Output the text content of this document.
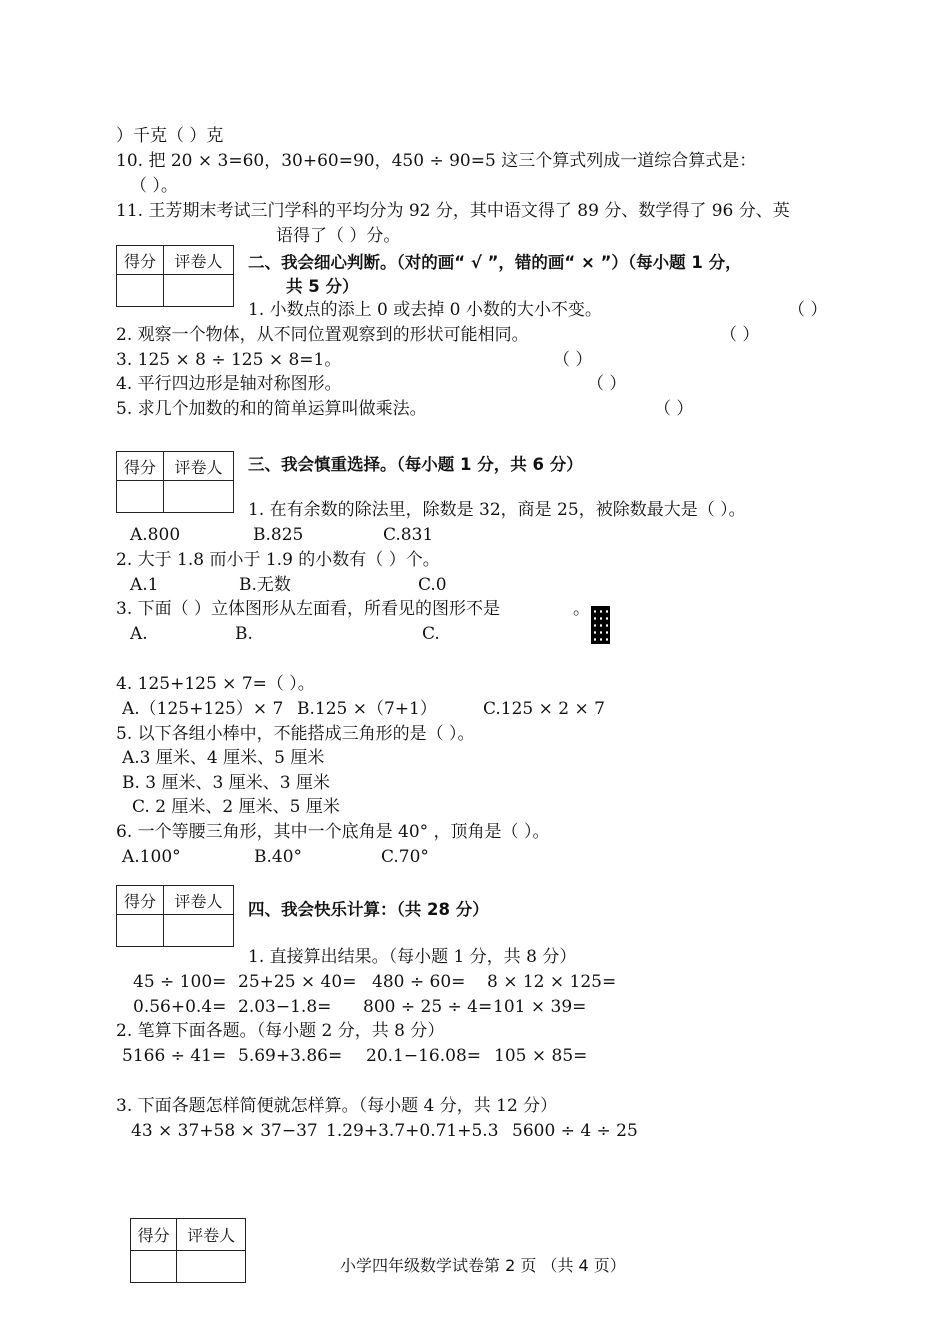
）千克（ ）克
10. 把 20 × 3=60，30+60=90，450 ÷ 90=5 这三个算式列成一道综合算式是：
（ ）。
11. 王芳期末考试三门学科的平均分为 92 分，其中语文得了 89 分、数学得了 96 分、英
语得了（ ）分。
得分	评卷人
	二、我会细心判断。（对的画“ √ ”，错的画“ × ”）（每小题 1 分，
共 5 分）
1. 小数点的添上 0 或去掉 0 小数的大小不变。	（ ）
2. 观察一个物体，从不同位置观察到的形状可能相同。	（ ）
3. 125 × 8 ÷ 125 × 8=1。	（ ）
4. 平行四边形是轴对称图形。	（ ）
5. 求几个加数的和的简单运算叫做乘法。	（ ）
得分	评卷人
	三、我会慎重选择。（每小题 1 分，共 6 分）
1. 在有余数的除法里，除数是 32，商是 25，被除数最大是（ ）。
A.800	B.825	C.831
2. 大于 1.8 而小于 1.9 的小数有（ ）个。
A.1	B.无数	C.0
3. 下面（ ）立体图形从左面看，所看见的图形不是	。
A.	B.	C.
4. 125+125 × 7=（ ）。
A.（125+125）× 7 B.125 ×（7+1）	C.125 × 2 × 7
5. 以下各组小棒中，不能搭成三角形的是（ ）。
A.3 厘米、4 厘米、5 厘米
B. 3 厘米、3 厘米、3 厘米
C. 2 厘米、2 厘米、5 厘米
6. 一个等腰三角形，其中一个底角是 40° ，顶角是（ ）。
A.100°	B.40°	C.70°
得分	评卷人
	四、我会快乐计算：（共 28 分）
1. 直接算出结果。（每小题 1 分，共 8 分）
45 ÷ 100= 25+25 × 40= 480 ÷ 60= 8 × 12 × 125=
0.56+0.4= 2.03−1.8= 800 ÷ 25 ÷ 4= 101 × 39=
2. 笔算下面各题。（每小题 2 分，共 8 分）
5166 ÷ 41= 5.69+3.86= 20.1−16.08= 105 × 85=
3. 下面各题怎样简便就怎样算。（每小题 4 分，共 12 分）
43 × 37+58 × 37−37 1.29+3.7+0.71+5.3 5600 ÷ 4 ÷ 25
得分	评卷人

小学四年级数学试卷第 2 页 （共 4 页）
